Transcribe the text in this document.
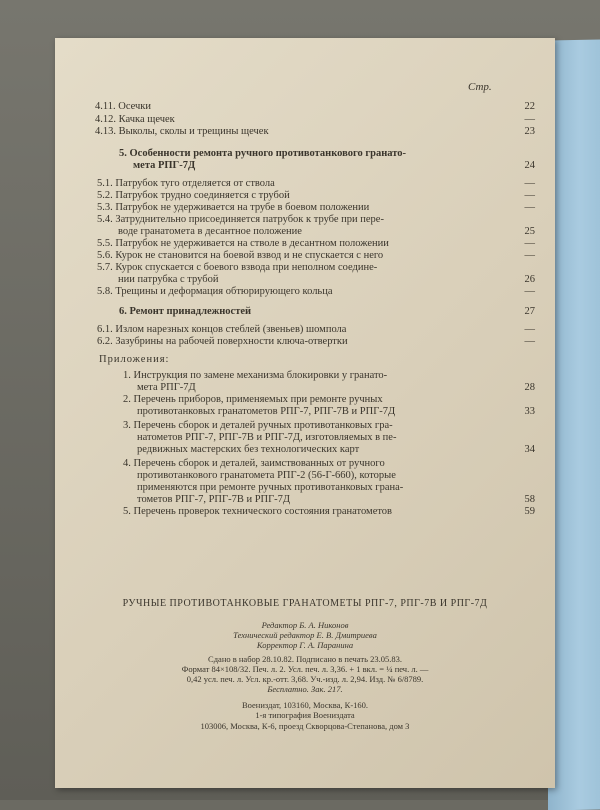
Стр.
4.11. Осечки	22
4.12. Качка щечек	—
4.13. Выколы, сколы и трещины щечек	23
5. Особенности ремонта ручного противотанкового гранато-
мета РПГ-7Д	24
5.1. Патрубок туго отделяется от ствола	—
5.2. Патрубок трудно соединяется с трубой	—
5.3. Патрубок не удерживается на трубе в боевом положении	—
5.4. Затруднительно присоединяется патрубок к трубе при пере-
воде гранатомета в десантное положение	25
5.5. Патрубок не удерживается на стволе в десантном положении	—
5.6. Курок не становится на боевой взвод и не спускается с него	—
5.7. Курок спускается с боевого взвода при неполном соедине-
нии патрубка с трубой	26
5.8. Трещины и деформация обтюрирующего кольца	—
6. Ремонт принадлежностей	27
6.1. Излом нарезных концов стеблей (звеньев) шомпола	—
6.2. Зазубрины на рабочей поверхности ключа-отвертки	—
Приложения:
1. Инструкция по замене механизма блокировки у гранато-
мета РПГ-7Д	28
2. Перечень приборов, применяемых при ремонте ручных
противотанковых гранатометов РПГ-7, РПГ-7В и РПГ-7Д	33
3. Перечень сборок и деталей ручных противотанковых гра-
натометов РПГ-7, РПГ-7В и РПГ-7Д, изготовляемых в пе-
редвижных мастерских без технологических карт	34
4. Перечень сборок и деталей, заимствованных от ручного
противотанкового гранатомета РПГ-2 (56-Г-660), которые
применяются при ремонте ручных противотанковых грана-
тометов РПГ-7, РПГ-7В и РПГ-7Д	58
5. Перечень проверок технического состояния гранатометов	59
РУЧНЫЕ ПРОТИВОТАНКОВЫЕ ГРАНАТОМЕТЫ РПГ-7, РПГ-7В И РПГ-7Д
Редактор Б. А. Никонов
Технический редактор Е. В. Дмитриева
Корректор Г. А. Паранина
Сдано в набор 28.10.82. Подписано в печать 23.05.83.
Формат 84×108/32. Печ. л. 2. Усл. печ. л. 3,36. + 1 вкл. = ¼ печ. л. —
0,42 усл. печ. л. Усл. кр.-отт. 3,68. Уч.-изд. л. 2,94. Изд. № 6/8789.
Бесплатно. Зак. 217.
Воениздат, 103160, Москва, К-160.
1-я типография Воениздата
103006, Москва, К-6, проезд Скворцова-Степанова, дом 3
